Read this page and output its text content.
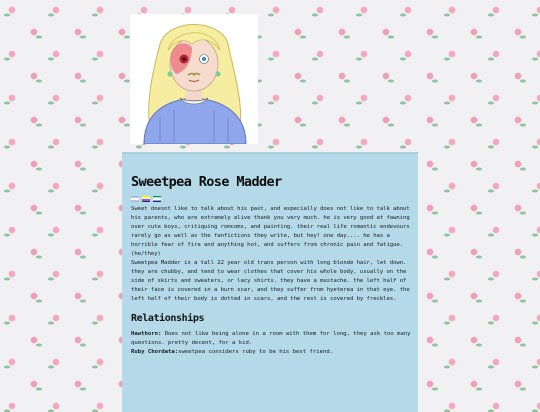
Sweetpea Rose Madder

Sweet doesnt like to talk about his past, and especially does not like to talk about his parents, who are extremely alive thank you very much. he is very good at fawning over cute boys, critiquing romcoms, and painting. their real life romantic endevours rarely go as well as the fanfictions they write, but hey! one day.... he has a horrible fear of fire and anything hot, and suffers from chronic pain and fatigue.

(he/they)

Sweetpea Madder is a tall 22 year old trans person with long blonde hair, let down. they are chubby, and tend to wear clothes that cover his whole body, usually on the side of skirts and sweaters, or lacy shirts. they have a mustache. the left half of their face is covered in a burn scar, and they suffer from hyeterea in that eye. the left half of their body is dotted in scars, and the rest is covered by freckles.

Relationships

Hawthorn: Does not like being alone in a room with them for long, they ask too many questions. pretty decent, for a kid.

Ruby Chordata:sweetpea considers ruby to be his best friend.
